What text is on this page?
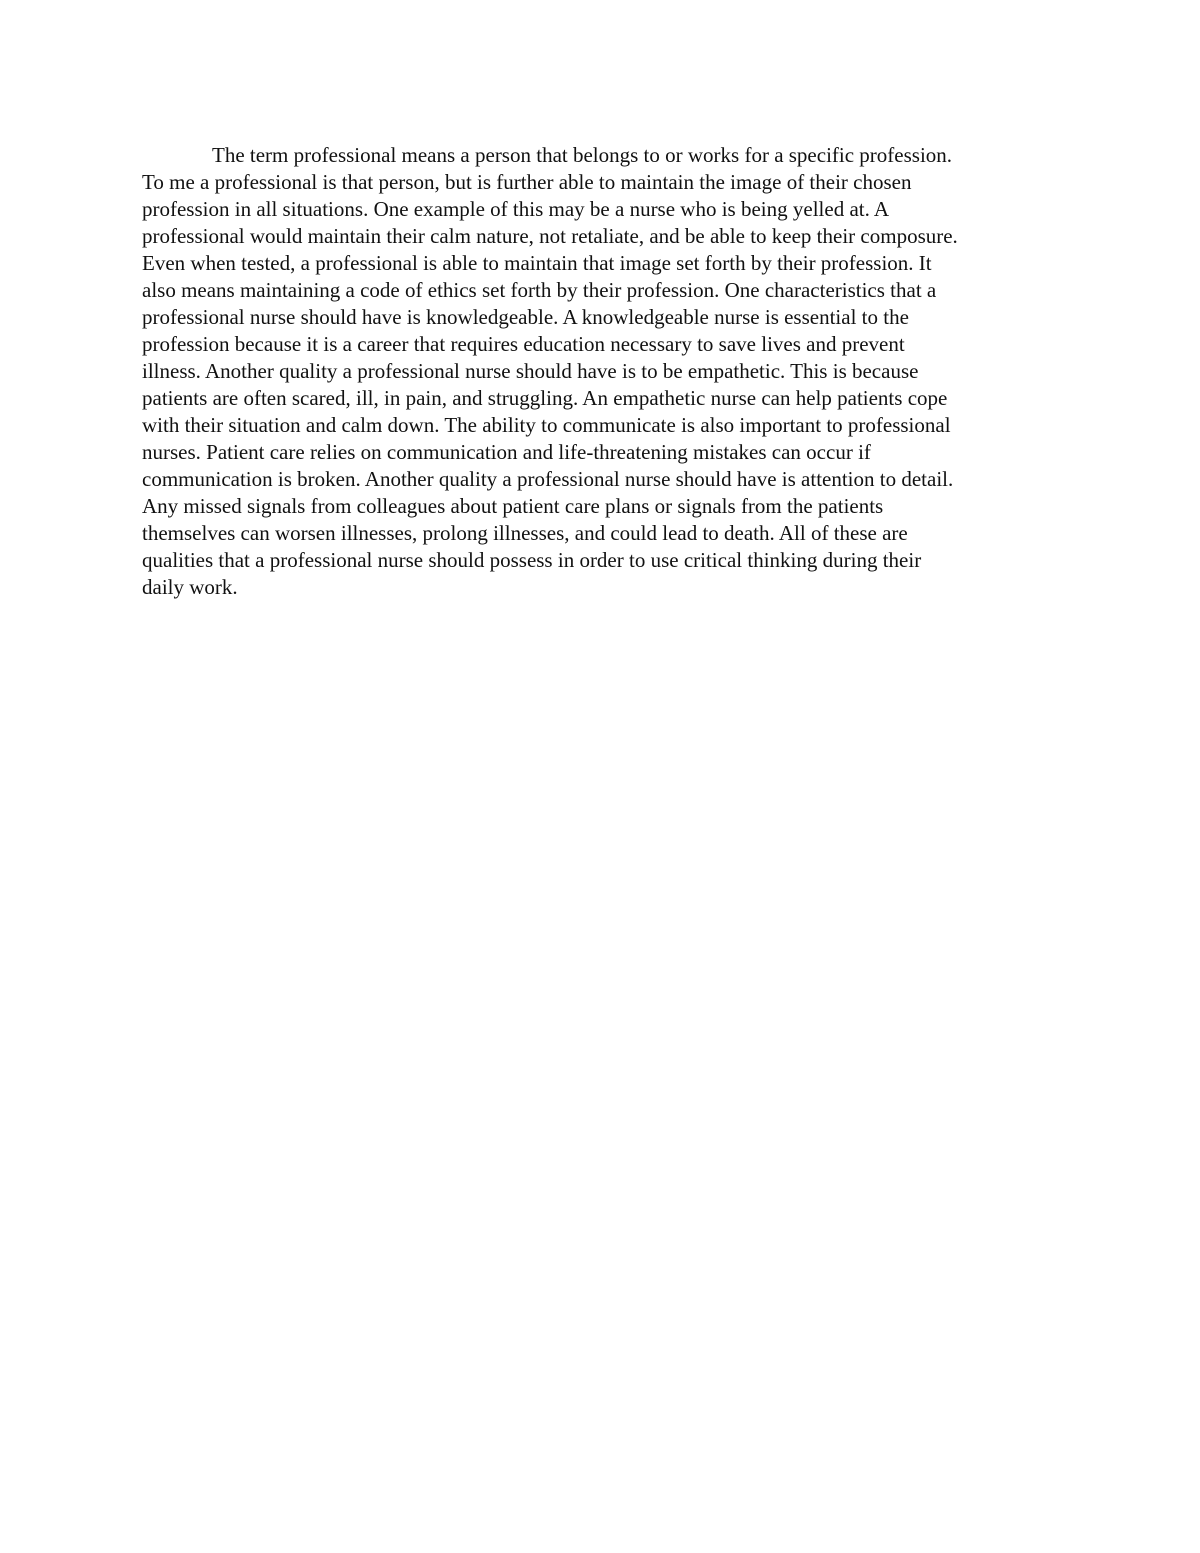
The term professional means a person that belongs to or works for a specific profession.
To me a professional is that person, but is further able to maintain the image of their chosen
profession in all situations. One example of this may be a nurse who is being yelled at. A
professional would maintain their calm nature, not retaliate, and be able to keep their composure.
Even when tested, a professional is able to maintain that image set forth by their profession. It
also means maintaining a code of ethics set forth by their profession. One characteristics that a
professional nurse should have is knowledgeable. A knowledgeable nurse is essential to the
profession because it is a career that requires education necessary to save lives and prevent
illness. Another quality a professional nurse should have is to be empathetic. This is because
patients are often scared, ill, in pain, and struggling. An empathetic nurse can help patients cope
with their situation and calm down. The ability to communicate is also important to professional
nurses. Patient care relies on communication and life-threatening mistakes can occur if
communication is broken. Another quality a professional nurse should have is attention to detail.
Any missed signals from colleagues about patient care plans or signals from the patients
themselves can worsen illnesses, prolong illnesses, and could lead to death. All of these are
qualities that a professional nurse should possess in order to use critical thinking during their
daily work.
